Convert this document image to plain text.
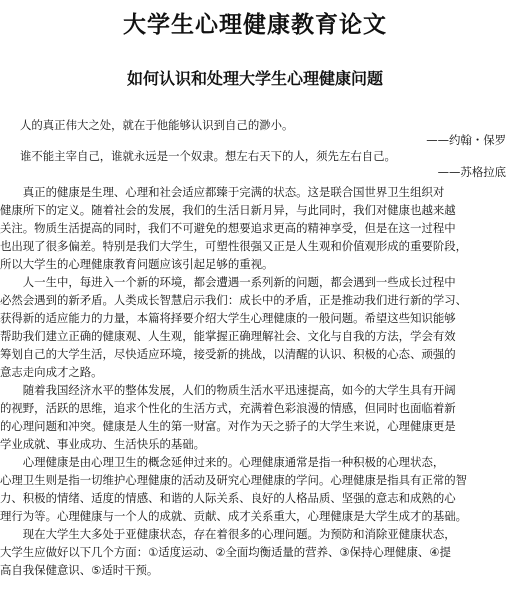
大学生心理健康教育论文
如何认识和处理大学生心理健康问题
人的真正伟大之处，就在于他能够认识到自己的渺小。
——约翰・保罗
谁不能主宰自己，谁就永远是一个奴隶。想左右天下的人，须先左右自己。
——苏格拉底
　　真正的健康是生理、心理和社会适应都臻于完满的状态。这是联合国世界卫生组织对
健康所下的定义。随着社会的发展，我们的生活日新月异，与此同时，我们对健康也越来越
关注。物质生活提高的同时，我们不可避免的想要追求更高的精神享受，但是在这一过程中
也出现了很多偏差。特别是我们大学生，可塑性很强又正是人生观和价值观形成的重要阶段，
所以大学生的心理健康教育问题应该引起足够的重视。
　　人一生中，每进入一个新的环境，都会遭遇一系列新的问题，都会遇到一些成长过程中
必然会遇到的新矛盾。人类成长智慧启示我们：成长中的矛盾，正是推动我们进行新的学习、
获得新的适应能力的力量，本篇将择要介绍大学生心理健康的一般问题。希望这些知识能够
帮助我们建立正确的健康观、人生观，能掌握正确理解社会、文化与自我的方法，学会有效
筹划自己的大学生活，尽快适应环境，接受新的挑战，以清醒的认识、积极的心态、顽强的
意志走向成才之路。
　　随着我国经济水平的整体发展，人们的物质生活水平迅速提高，如今的大学生具有开阔
的视野，活跃的思维，追求个性化的生活方式，充满着色彩浪漫的情感，但同时也面临着新
的心理问题和冲突。健康是人生的第一财富。对作为天之骄子的大学生来说，心理健康更是
学业成就、事业成功、生活快乐的基础。
　　心理健康是由心理卫生的概念延伸过来的。心理健康通常是指一种积极的心理状态，
心理卫生则是指一切维护心理健康的活动及研究心理健康的学问。心理健康是指具有正常的智
力、积极的情绪、适度的情感、和谐的人际关系、良好的人格品质、坚强的意志和成熟的心
理行为等。心理健康与一个人的成就、贡献、成才关系重大，心理健康是大学生成才的基础。
　　现在大学生大多处于亚健康状态，存在着很多的心理问题。为预防和消除亚健康状态，
大学生应做好以下几个方面：①适度运动、②全面均衡适量的营养、③保持心理健康、④提
高自我保健意识、⑤适时干预。
